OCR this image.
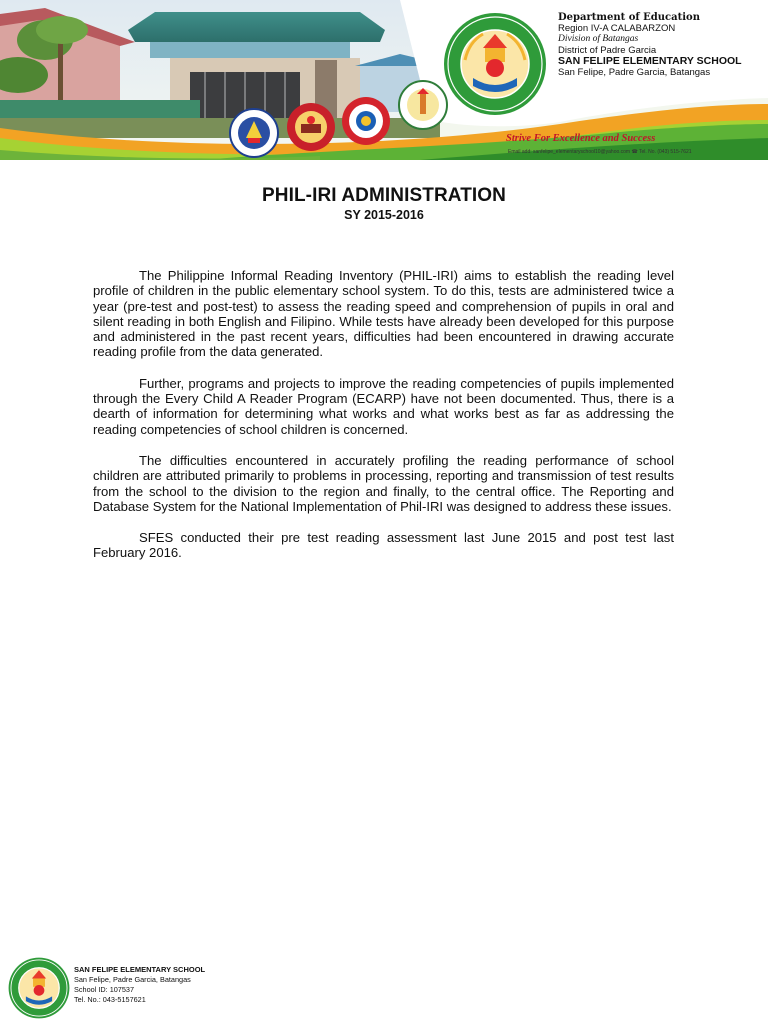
Department of Education
Region IV-A CALABARZON
Division of Batangas
District of Padre Garcia
SAN FELIPE ELEMENTARY SCHOOL
San Felipe, Padre Garcia, Batangas
Strive For Excellence and Success
Email add: sanfelipe_elementaryschool10@yahoo.com ☎ Tel. No. (043) 515-7621
PHIL-IRI ADMINISTRATION
SY 2015-2016

The Philippine Informal Reading Inventory (PHIL-IRI) aims to establish the reading level profile of children in the public elementary school system. To do this, tests are administered twice a year (pre-test and post-test) to assess the reading speed and comprehension of pupils in oral and silent reading in both English and Filipino. While tests have already been developed for this purpose and administered in the past recent years, difficulties had been encountered in drawing accurate reading profile from the data generated.

Further, programs and projects to improve the reading competencies of pupils implemented through the Every Child A Reader Program (ECARP) have not been documented. Thus, there is a dearth of information for determining what works and what works best as far as addressing the reading competencies of school children is concerned.

The difficulties encountered in accurately profiling the reading performance of school children are attributed primarily to problems in processing, reporting and transmission of test results from the school to the division to the region and finally, to the central office. The Reporting and Database System for the National Implementation of Phil-IRI was designed to address these issues.

SFES conducted their pre test reading assessment last June 2015 and post test last February 2016.

SAN FELIPE ELEMENTARY SCHOOL
San Felipe, Padre Garcia, Batangas
School ID: 107537
Tel. No.: 043-5157621
